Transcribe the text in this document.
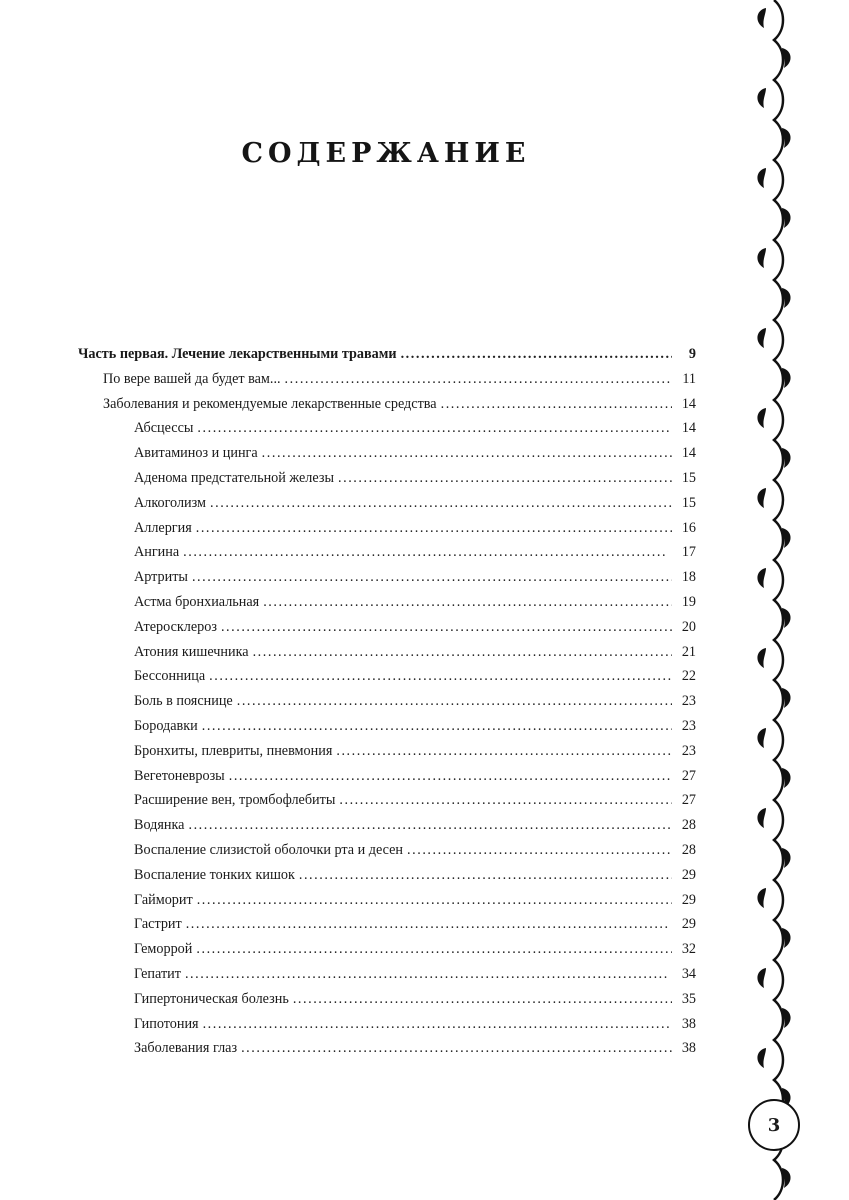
СОДЕРЖАНИЕ
Часть первая. Лечение лекарственными травами . . .	9
По вере вашей да будет вам... . . .	11
Заболевания и рекомендуемые лекарственные средства . . .	14
Абсцессы . . .	14
Авитаминоз и цинга . . .	14
Аденома предстательной железы . . .	15
Алкоголизм . . .	15
Аллергия . . .	16
Ангина . . .	17
Артриты . . .	18
Астма бронхиальная . . .	19
Атеросклероз . . .	20
Атония кишечника . . .	21
Бессонница . . .	22
Боль в пояснице . . .	23
Бородавки . . .	23
Бронхиты, плевриты, пневмония . . .	23
Вегетоневрозы . . .	27
Расширение вен, тромбофлебиты . . .	27
Водянка . . .	28
Воспаление слизистой оболочки рта и десен . . .	28
Воспаление тонких кишок . . .	29
Гайморит . . .	29
Гастрит . . .	29
Геморрой . . .	32
Гепатит . . .	34
Гипертоническая болезнь . . .	35
Гипотония . . .	38
Заболевания глаз . . .	38
3
